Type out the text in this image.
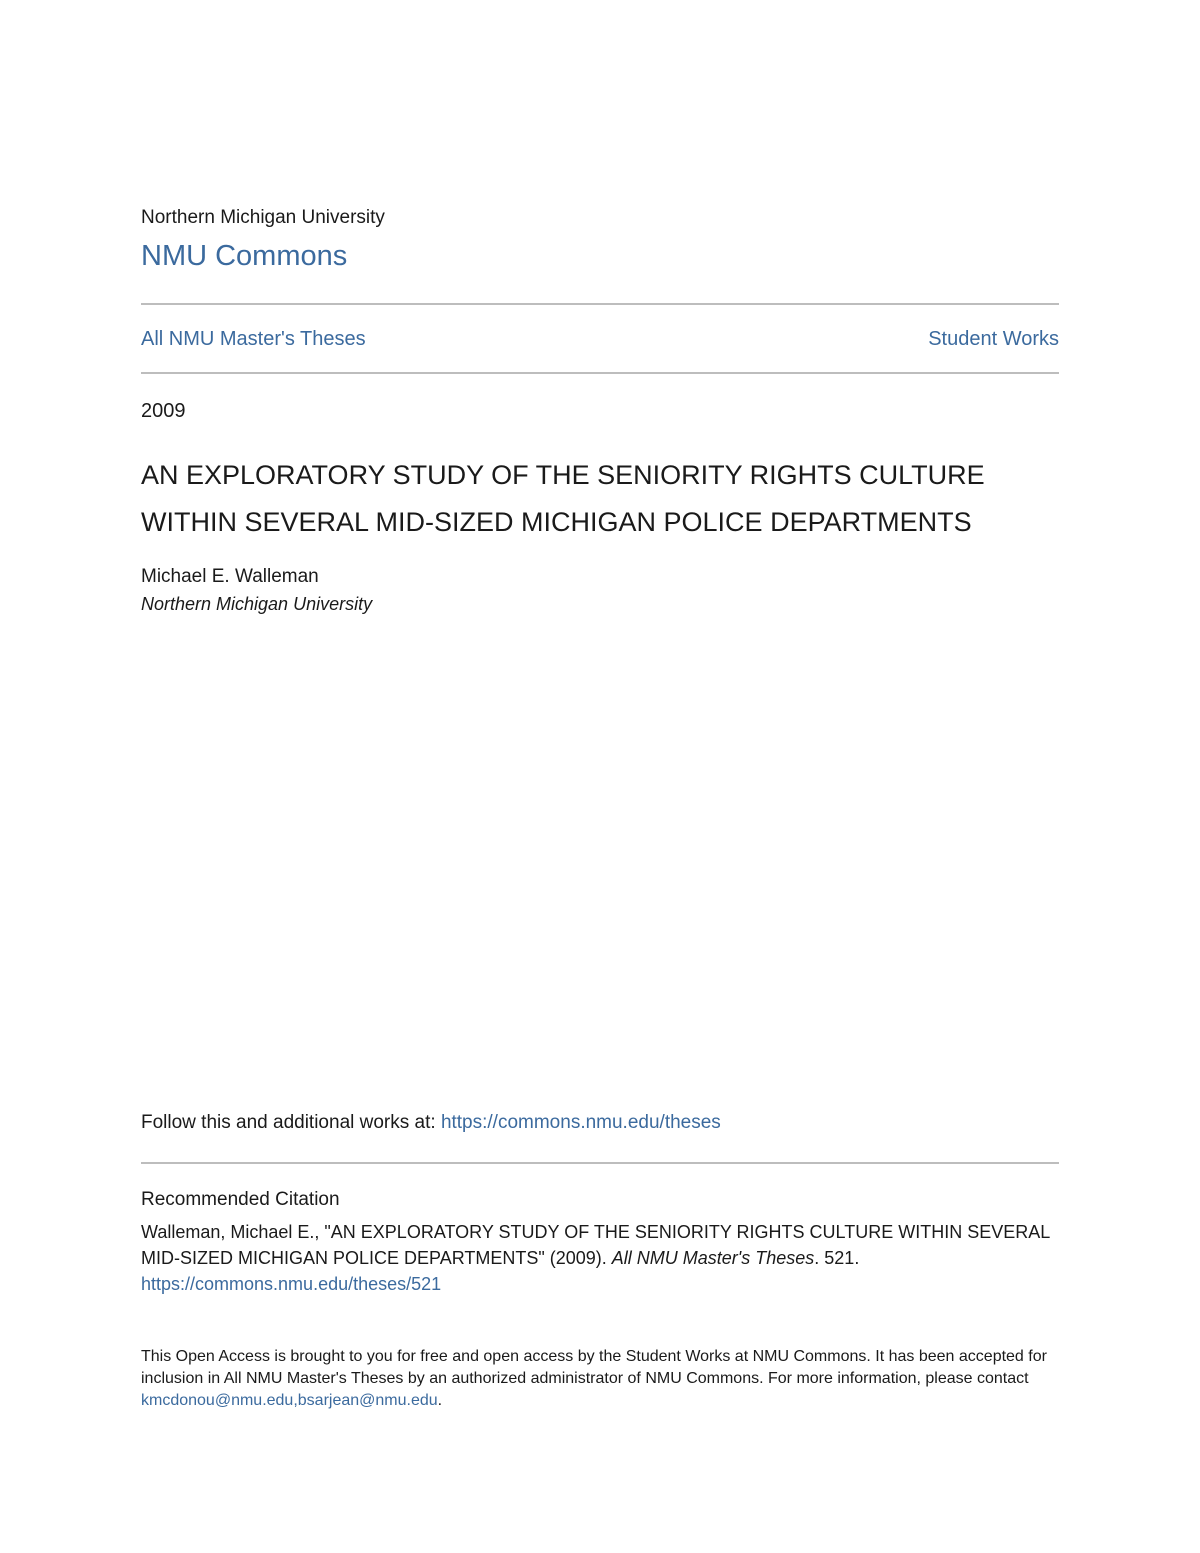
Northern Michigan University
NMU Commons
All NMU Master's Theses	Student Works
2009
AN EXPLORATORY STUDY OF THE SENIORITY RIGHTS CULTURE
WITHIN SEVERAL MID-SIZED MICHIGAN POLICE DEPARTMENTS
Michael E. Walleman
Northern Michigan University
Follow this and additional works at: https://commons.nmu.edu/theses
Recommended Citation
Walleman, Michael E., "AN EXPLORATORY STUDY OF THE SENIORITY RIGHTS CULTURE WITHIN SEVERAL
MID-SIZED MICHIGAN POLICE DEPARTMENTS" (2009). All NMU Master's Theses. 521.
https://commons.nmu.edu/theses/521
This Open Access is brought to you for free and open access by the Student Works at NMU Commons. It has been accepted for inclusion in All NMU Master's Theses by an authorized administrator of NMU Commons. For more information, please contact kmcdonou@nmu.edu,bsarjean@nmu.edu.
